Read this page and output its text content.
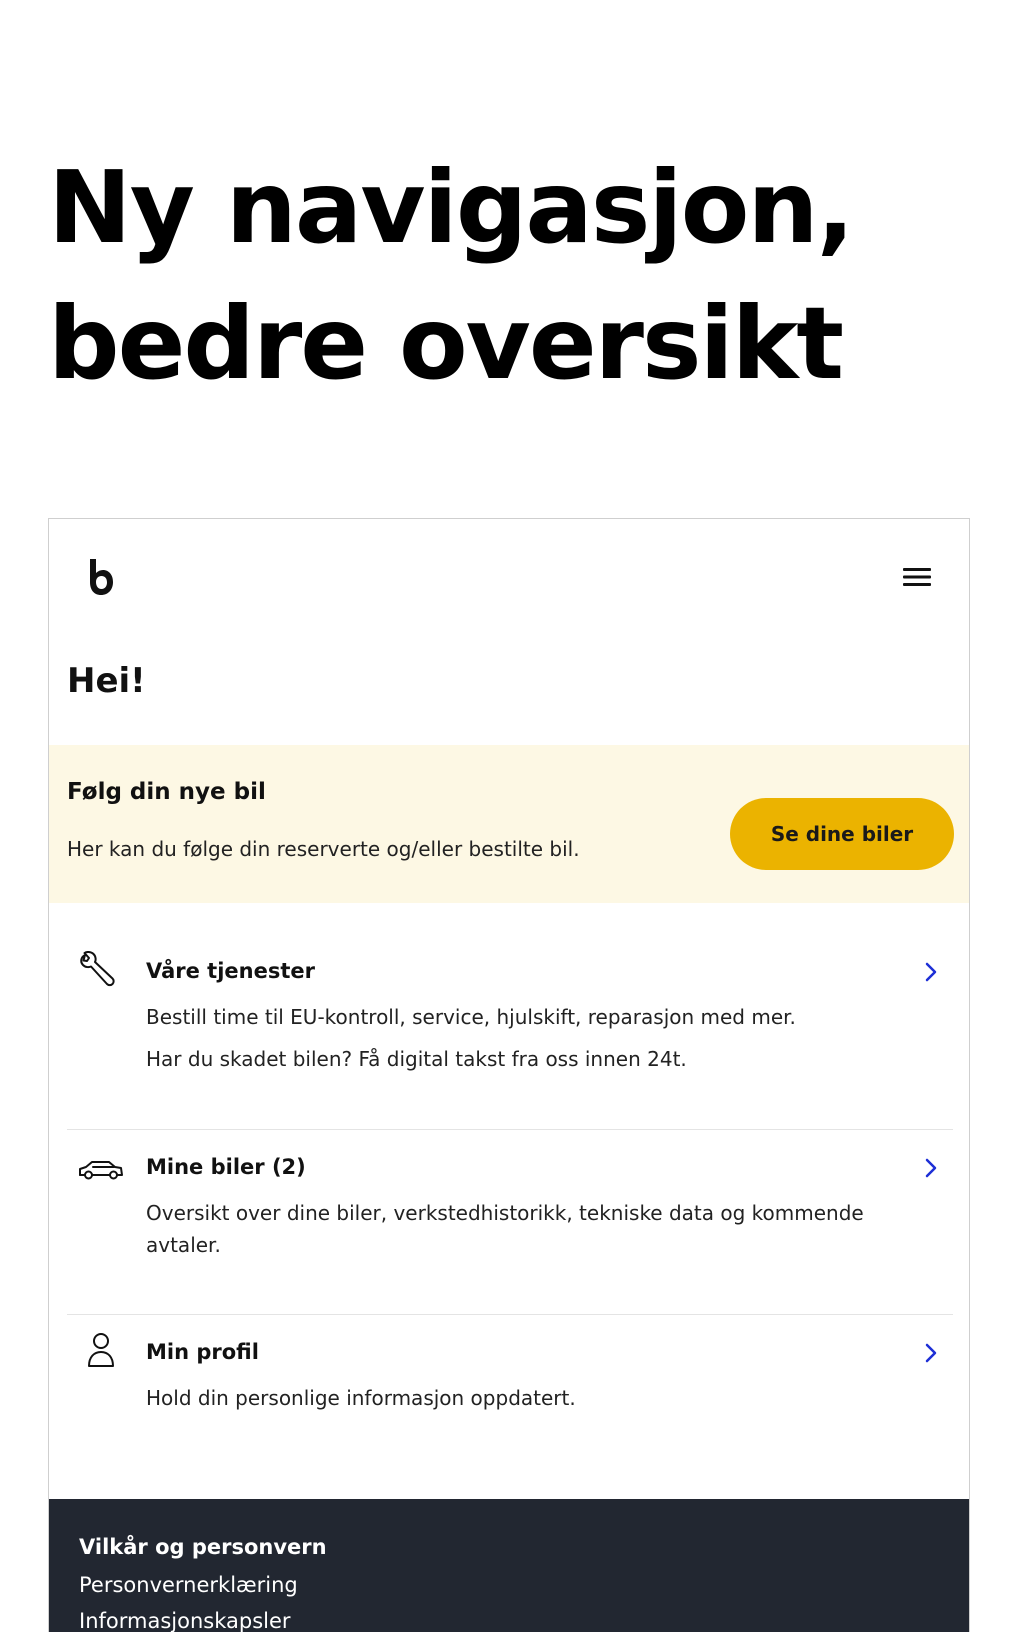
Ny navigasjon,
bedre oversikt
Hei!
Følg din nye bil
Her kan du følge din reserverte og/eller bestilte bil.
Se dine biler
Våre tjenester
Bestill time til EU-kontroll, service, hjulskift, reparasjon med mer.
Har du skadet bilen? Få digital takst fra oss innen 24t.
Mine biler (2)
Oversikt over dine biler, verkstedhistorikk, tekniske data og kommende avtaler.
Min profil
Hold din personlige informasjon oppdatert.
Vilkår og personvern
Personvernerklæring
Informasjonskapsler
